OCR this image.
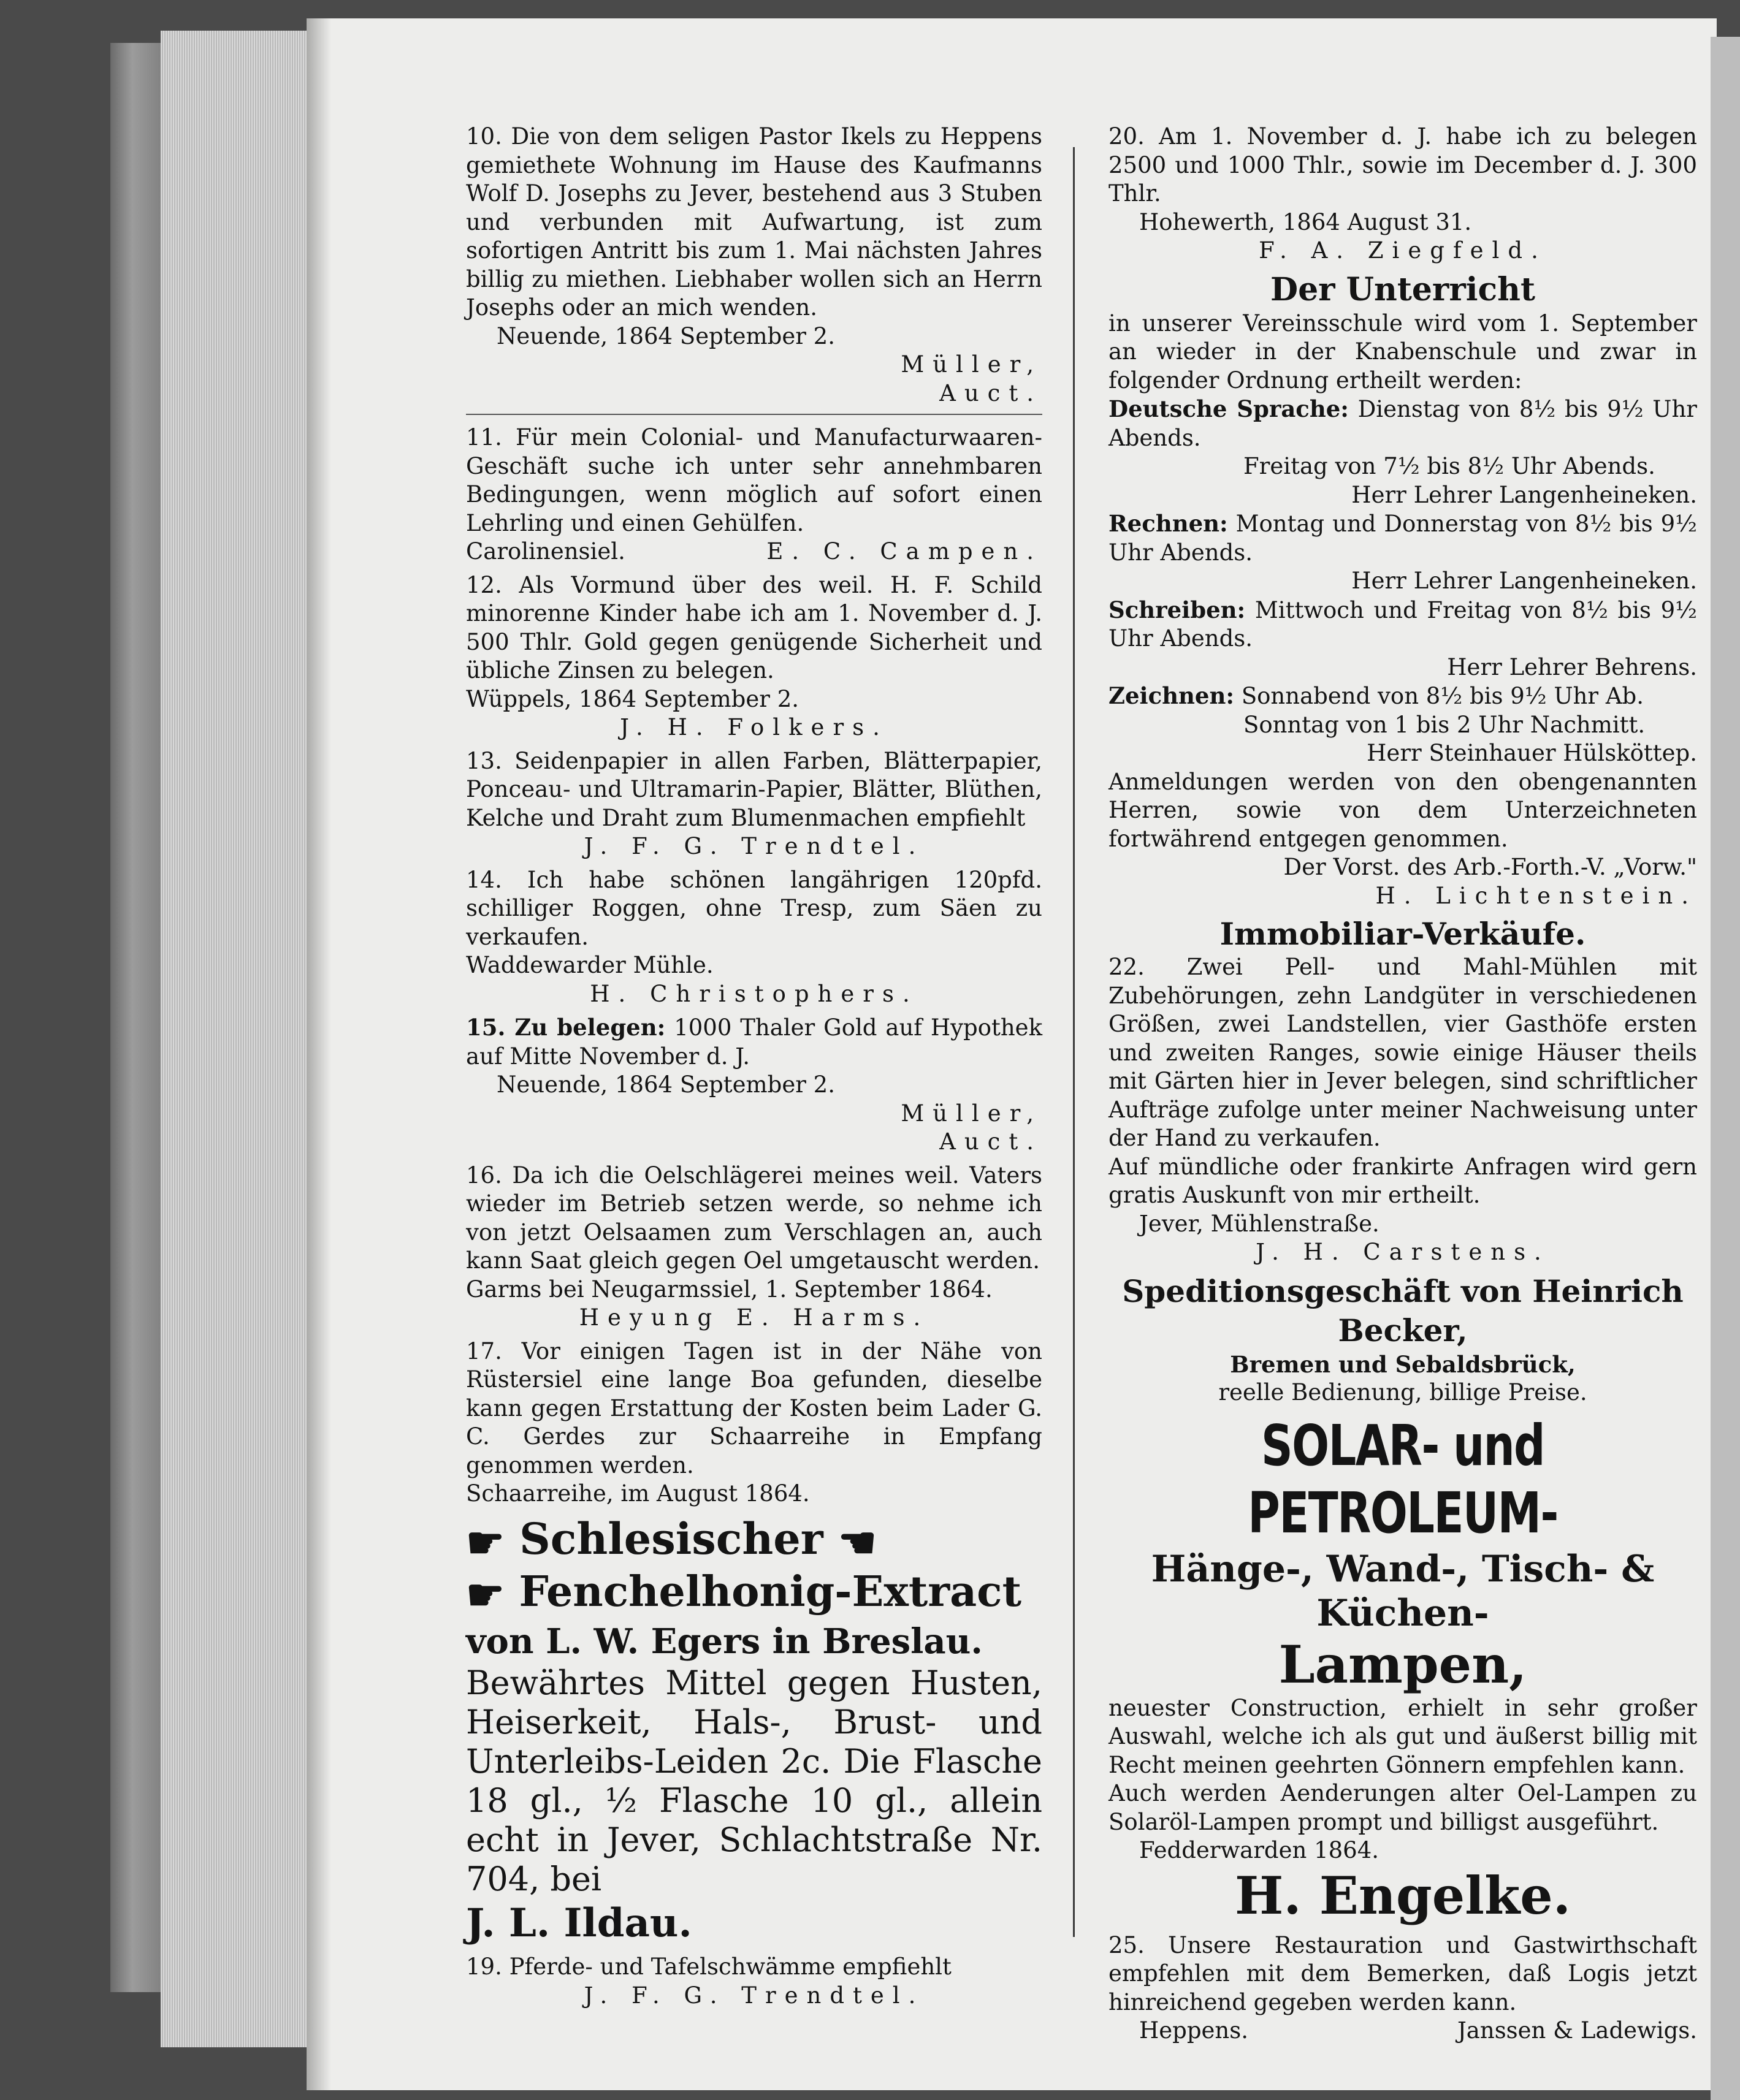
10. Die von dem seligen Pastor Ikels zu Heppens gemiethete Wohnung im Hause des Kaufmanns Wolf D. Josephs zu Jever, bestehend aus 3 Stuben und verbunden mit Aufwartung, ist zum sofortigen Antritt bis zum 1. Mai nächsten Jahres billig zu miethen. Liebhaber wollen sich an Herrn Josephs oder an mich wenden.

Neuende, 1864 September 2.

Müller,

Auct.

11. Für mein Colonial- und Manufacturwaaren-Geschäft suche ich unter sehr annehmbaren Bedingungen, wenn möglich auf sofort einen Lehrling und einen Gehülfen.

Carolinensiel.	E. C. Campen.

12. Als Vormund über des weil. H. F. Schild minorenne Kinder habe ich am 1. November d. J. 500 Thlr. Gold gegen genügende Sicherheit und übliche Zinsen zu belegen.

Wüppels, 1864 September 2.

J. H. Folkers.

13. Seidenpapier in allen Farben, Blätterpapier, Ponceau- und Ultramarin-Papier, Blätter, Blüthen, Kelche und Draht zum Blumenmachen empfiehlt

J. F. G. Trendtel.

14. Ich habe schönen langährigen 120pfd. schilliger Roggen, ohne Tresp, zum Säen zu verkaufen.

Waddewarder Mühle.

H. Christophers.

15. Zu belegen: 1000 Thaler Gold auf Hypothek auf Mitte November d. J.

Neuende, 1864 September 2.

Müller,

Auct.

16. Da ich die Oelschlägerei meines weil. Vaters wieder im Betrieb setzen werde, so nehme ich von jetzt Oelsaamen zum Verschlagen an, auch kann Saat gleich gegen Oel umgetauscht werden.

Garms bei Neugarmssiel, 1. September 1864.

Heyung E. Harms.

17. Vor einigen Tagen ist in der Nähe von Rüstersiel eine lange Boa gefunden, dieselbe kann gegen Erstattung der Kosten beim Lader G. C. Gerdes zur Schaarreihe in Empfang genommen werden.

Schaarreihe, im August 1864.

☛ Schlesischer ☚
☛ Fenchelhonig-Extract

von L. W. Egers in Breslau.

Bewährtes Mittel gegen Husten, Heiserkeit, Hals-, Brust- und Unterleibs-Leiden 2c. Die Flasche 18 gl., ½ Flasche 10 gl., allein echt in Jever, Schlachtstraße Nr. 704, bei

J. L. Ildau.

19. Pferde- und Tafelschwämme empfiehlt

J. F. G. Trendtel.

20. Am 1. November d. J. habe ich zu belegen 2500 und 1000 Thlr., sowie im December d. J. 300 Thlr.

Hohewerth, 1864 August 31.

F. A. Ziegfeld.

Der Unterricht

in unserer Vereinsschule wird vom 1. September an wieder in der Knabenschule und zwar in folgender Ordnung ertheilt werden:

Deutsche Sprache: Dienstag von 8½ bis 9½ Uhr Abends.

Freitag von 7½ bis 8½ Uhr Abends.

Herr Lehrer Langenheineken.

Rechnen: Montag und Donnerstag von 8½ bis 9½ Uhr Abends.

Herr Lehrer Langenheineken.

Schreiben: Mittwoch und Freitag von 8½ bis 9½ Uhr Abends.

Herr Lehrer Behrens.

Zeichnen: Sonnabend von 8½ bis 9½ Uhr Ab.

Sonntag von 1 bis 2 Uhr Nachmitt.

Herr Steinhauer Hülsköttер.

Anmeldungen werden von den obengenannten Herren, sowie von dem Unterzeichneten fortwährend entgegen genommen.

Der Vorst. des Arb.-Forth.-V. „Vorw."

H. Lichtenstein.

Immobiliar-Verkäufe.

22. Zwei Pell- und Mahl-Mühlen mit Zubehörungen, zehn Landgüter in verschiedenen Größen, zwei Landstellen, vier Gasthöfe ersten und zweiten Ranges, sowie einige Häuser theils mit Gärten hier in Jever belegen, sind schriftlicher Aufträge zufolge unter meiner Nachweisung unter der Hand zu verkaufen.

Auf mündliche oder frankirte Anfragen wird gern gratis Auskunft von mir ertheilt.

Jever, Mühlenstraße.

J. H. Carstens.

Speditionsgeschäft von Heinrich Becker,

Bremen und Sebaldsbrück,

reelle Bedienung, billige Preise.

SOLAR- und PETROLEUM-

Hänge-, Wand-, Tisch- & Küchen-

Lampen,

neuester Construction, erhielt in sehr großer Auswahl, welche ich als gut und äußerst billig mit Recht meinen geehrten Gönnern empfehlen kann.

Auch werden Aenderungen alter Oel-Lampen zu Solaröl-Lampen prompt und billigst ausgeführt.

Fedderwarden 1864.

H. Engelke.

25. Unsere Restauration und Gastwirthschaft empfehlen mit dem Bemerken, daß Logis jetzt hinreichend gegeben werden kann.

Heppens.	Janssen & Ladewigs.
